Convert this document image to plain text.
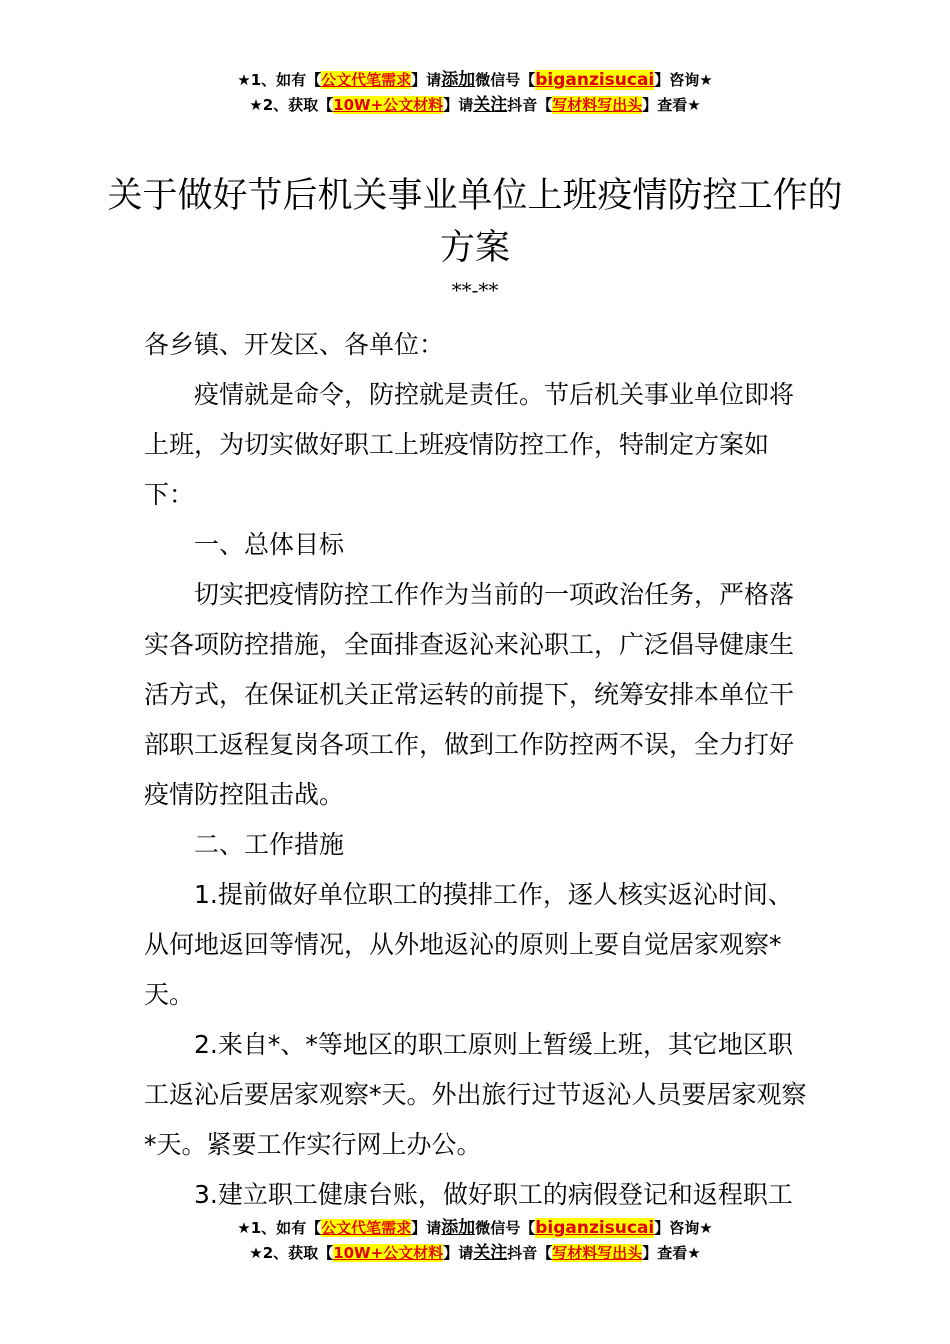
★1、如有【公文代笔需求】请添加微信号【biganzisucai】咨询★
★2、获取【10W+公文材料】请关注抖音【写材料写出头】查看★
关于做好节后机关事业单位上班疫情防控工作的方案
**-**

各乡镇、开发区、各单位：

疫情就是命令，防控就是责任。节后机关事业单位即将上班，为切实做好职工上班疫情防控工作，特制定方案如下：

一、总体目标

切实把疫情防控工作作为当前的一项政治任务，严格落实各项防控措施，全面排查返沁来沁职工，广泛倡导健康生活方式，在保证机关正常运转的前提下，统筹安排本单位干部职工返程复岗各项工作，做到工作防控两不误，全力打好疫情防控阻击战。

二、工作措施

1.提前做好单位职工的摸排工作，逐人核实返沁时间、从何地返回等情况，从外地返沁的原则上要自觉居家观察*天。

2.来自*、*等地区的职工原则上暂缓上班，其它地区职工返沁后要居家观察*天。外出旅行过节返沁人员要居家观察*天。紧要工作实行网上办公。

3.建立职工健康台账，做好职工的病假登记和返程职工

★1、如有【公文代笔需求】请添加微信号【biganzisucai】咨询★
★2、获取【10W+公文材料】请关注抖音【写材料写出头】查看★
